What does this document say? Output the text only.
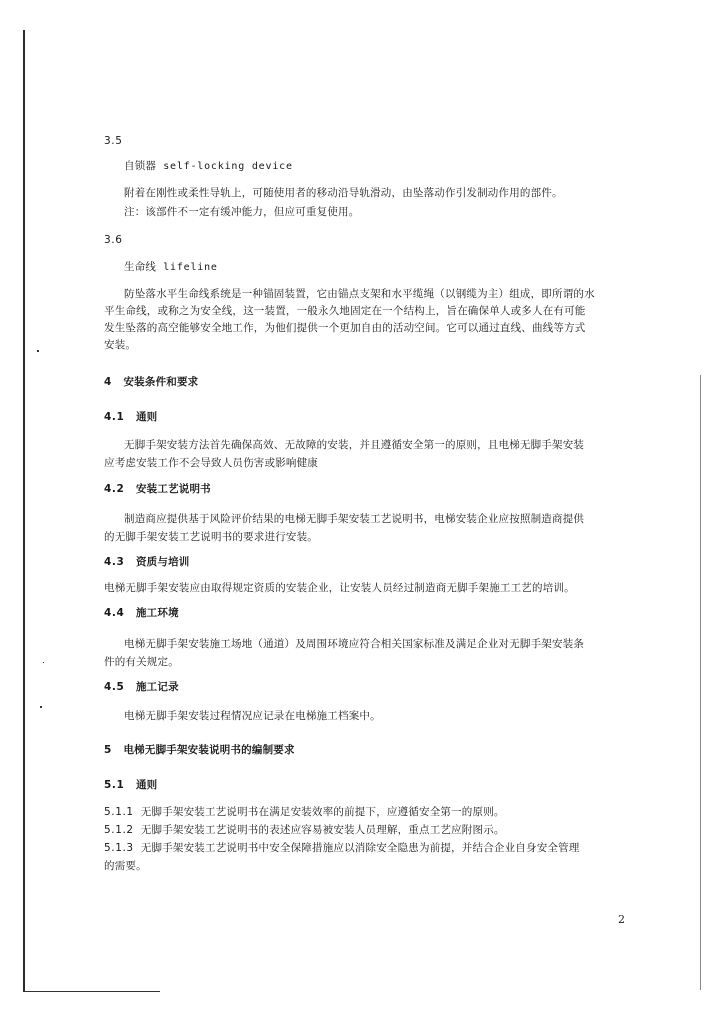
3.5
自锁器 self-locking device
附着在刚性或柔性导轨上，可随使用者的移动沿导轨滑动，由坠落动作引发制动作用的部件。
注：该部件不一定有缓冲能力，但应可重复使用。
3.6
生命线 lifeline
防坠落水平生命线系统是一种锚固装置，它由锚点支架和水平缆绳（以钢缆为主）组成，即所谓的水
平生命线，或称之为安全线，这一装置，一般永久地固定在一个结构上，旨在确保单人或多人在有可能
发生坠落的高空能够安全地工作，为他们提供一个更加自由的活动空间。它可以通过直线、曲线等方式
安装。
4 安装条件和要求
4.1 通则
无脚手架安装方法首先确保高效、无故障的安装，并且遵循安全第一的原则，且电梯无脚手架安装
应考虑安装工作不会导致人员伤害或影响健康
4.2 安装工艺说明书
制造商应提供基于风险评价结果的电梯无脚手架安装工艺说明书，电梯安装企业应按照制造商提供
的无脚手架安装工艺说明书的要求进行安装。
4.3 资质与培训
电梯无脚手架安装应由取得规定资质的安装企业，让安装人员经过制造商无脚手架施工工艺的培训。
4.4 施工环境
电梯无脚手架安装施工场地（通道）及周围环境应符合相关国家标准及满足企业对无脚手架安装条
件的有关规定。
4.5 施工记录
电梯无脚手架安装过程情况应记录在电梯施工档案中。
5 电梯无脚手架安装说明书的编制要求
5.1 通则
5.1.1 无脚手架安装工艺说明书在满足安装效率的前提下，应遵循安全第一的原则。
5.1.2 无脚手架安装工艺说明书的表述应容易被安装人员理解，重点工艺应附图示。
5.1.3 无脚手架安装工艺说明书中安全保障措施应以消除安全隐患为前提，并结合企业自身安全管理
的需要。
2
